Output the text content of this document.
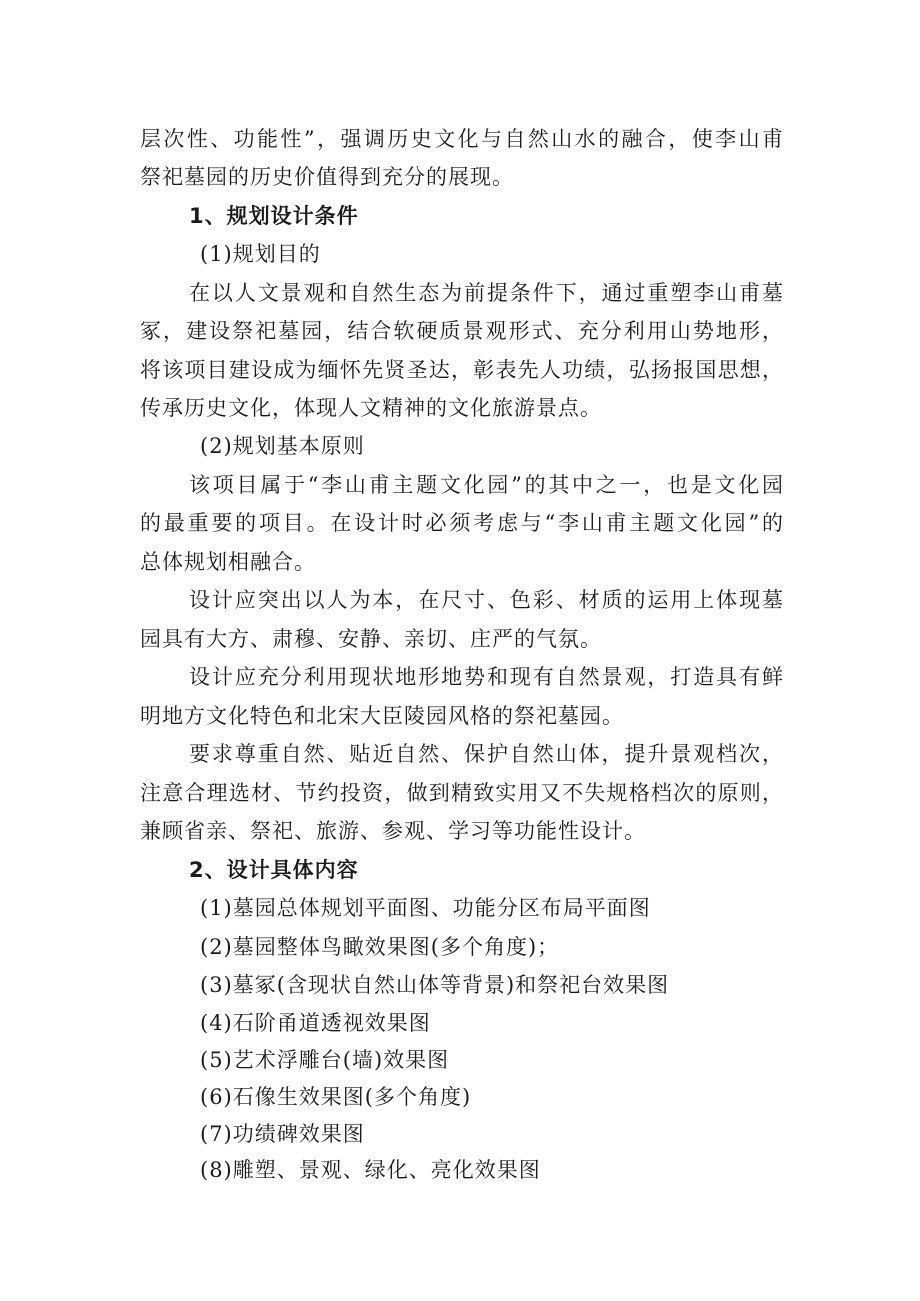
层次性、功能性”，强调历史文化与自然山水的融合，使李山甫
祭祀墓园的历史价值得到充分的展现。
1、规划设计条件
(1)规划目的
在以人文景观和自然生态为前提条件下，通过重塑李山甫墓
冢，建设祭祀墓园，结合软硬质景观形式、充分利用山势地形，
将该项目建设成为缅怀先贤圣达，彰表先人功绩，弘扬报国思想，
传承历史文化，体现人文精神的文化旅游景点。
(2)规划基本原则
该项目属于“李山甫主题文化园”的其中之一，也是文化园
的最重要的项目。在设计时必须考虑与“李山甫主题文化园”的
总体规划相融合。
设计应突出以人为本，在尺寸、色彩、材质的运用上体现墓
园具有大方、肃穆、安静、亲切、庄严的气氛。
设计应充分利用现状地形地势和现有自然景观，打造具有鲜
明地方文化特色和北宋大臣陵园风格的祭祀墓园。
要求尊重自然、贴近自然、保护自然山体，提升景观档次，
注意合理选材、节约投资，做到精致实用又不失规格档次的原则，
兼顾省亲、祭祀、旅游、参观、学习等功能性设计。
2、设计具体内容
(1)墓园总体规划平面图、功能分区布局平面图
(2)墓园整体鸟瞰效果图(多个角度)；
(3)墓冢(含现状自然山体等背景)和祭祀台效果图
(4)石阶甬道透视效果图
(5)艺术浮雕台(墙)效果图
(6)石像生效果图(多个角度)
(7)功绩碑效果图
(8)雕塑、景观、绿化、亮化效果图
